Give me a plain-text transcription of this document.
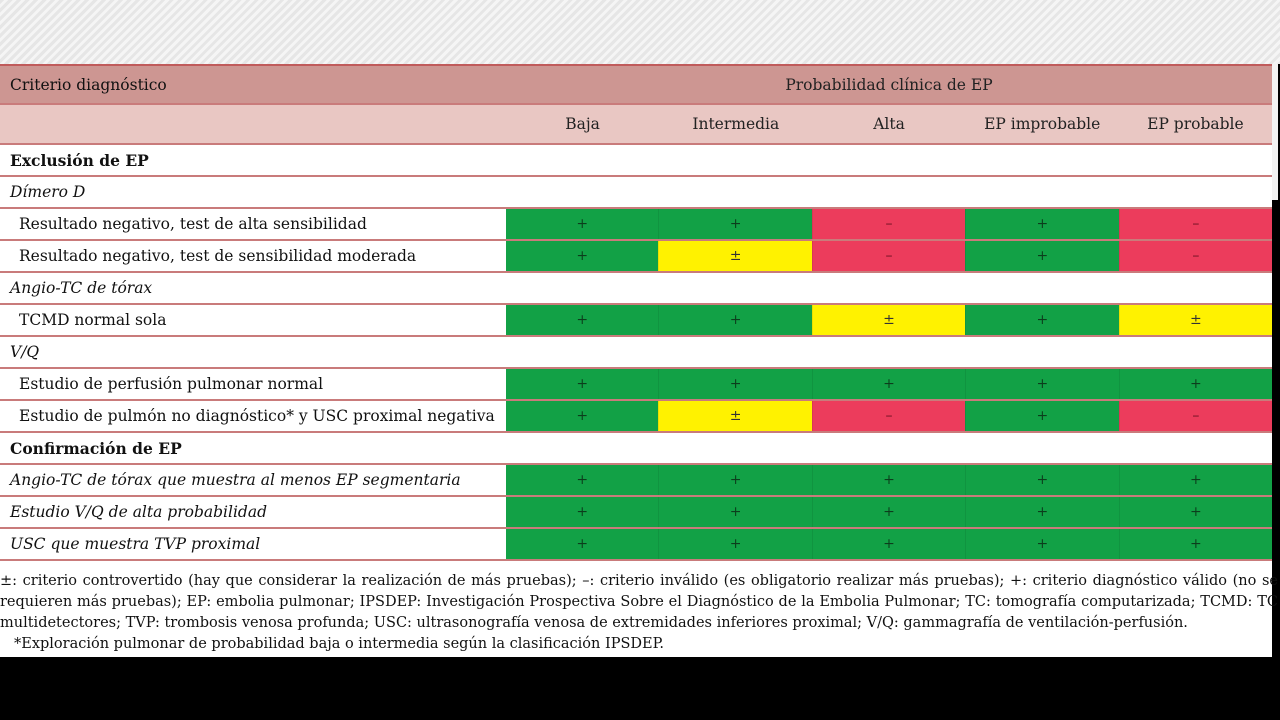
Criterio diagnóstico	Probabilidad clínica de EP
Baja	Intermedia	Alta	EP improbable	EP probable
Exclusión de EP
Dímero D
Resultado negativo, test de alta sensibilidad	+	+	–	+	–
Resultado negativo, test de sensibilidad moderada	+	±	–	+	–
Angio-TC de tórax
TCMD normal sola	+	+	±	+	±
V/Q
Estudio de perfusión pulmonar normal	+	+	+	+	+
Estudio de pulmón no diagnóstico* y USC proximal negativa	+	±	–	+	–
Confirmación de EP
Angio-TC de tórax que muestra al menos EP segmentaria	+	+	+	+	+
Estudio V/Q de alta probabilidad	+	+	+	+	+
USC que muestra TVP proximal	+	+	+	+	+
±: criterio controvertido (hay que considerar la realización de más pruebas); –: criterio inválido (es obligatorio realizar más pruebas); +: criterio diagnóstico válido (no se requieren más pruebas); EP: embolia pulmonar; IPSDEP: Investigación Prospectiva Sobre el Diagnóstico de la Embolia Pulmonar; TC: tomografía computarizada; TCMD: TC multidetectores; TVP: trombosis venosa profunda; USC: ultrasonografía venosa de extremidades inferiores proximal; V/Q: gammagrafía de ventilación-perfusión.
*Exploración pulmonar de probabilidad baja o intermedia según la clasificación IPSDEP.
